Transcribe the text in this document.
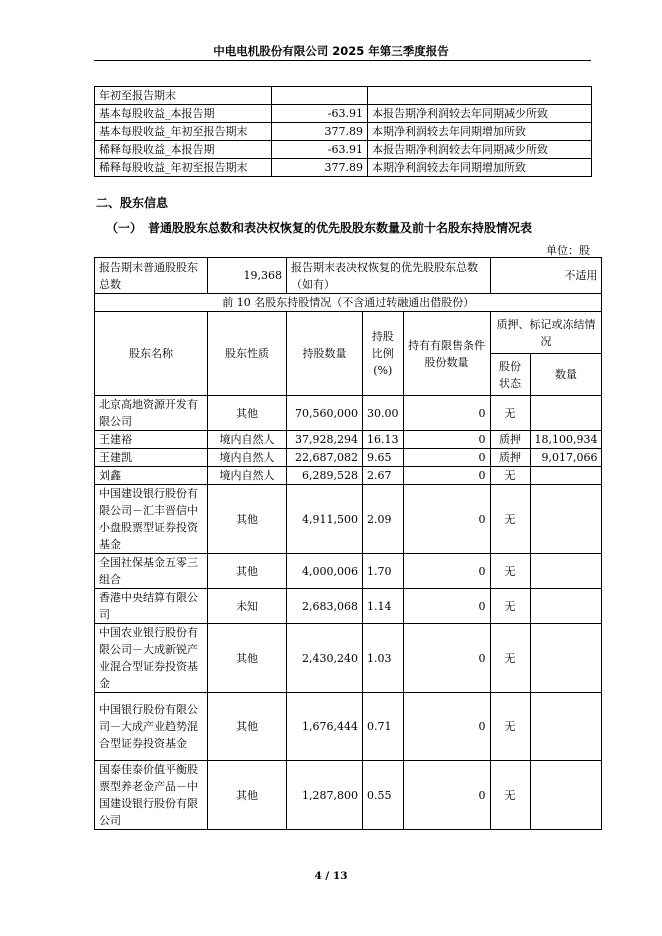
中电电机股份有限公司 2025 年第三季度报告
年初至报告期末		
基本每股收益_本报告期	-63.91	本报告期净利润较去年同期减少所致
基本每股收益_年初至报告期末	377.89	本期净利润较去年同期增加所致
稀释每股收益_本报告期	-63.91	本报告期净利润较去年同期减少所致
稀释每股收益_年初至报告期末	377.89	本期净利润较去年同期增加所致
二、股东信息
（一）　普通股股东总数和表决权恢复的优先股股东数量及前十名股东持股情况表
单位：股
报告期末普通股股东总数	19,368	报告期末表决权恢复的优先股股东总数（如有）			不适用	
前 10 名股东持股情况（不含通过转融通出借股份）						
股东名称	股东性质	持股数量	持股比例(%)	持有有限售条件股份数量	质押、标记或冻结情况	
					股份状态	数量
北京高地资源开发有限公司	其他	70,560,000	30.00	0	无	
王建裕	境内自然人	37,928,294	16.13	0	质押	18,100,934
王建凯	境内自然人	22,687,082	9.65	0	质押	9,017,066
刘鑫	境内自然人	6,289,528	2.67	0	无	
中国建设银行股份有限公司－汇丰晋信中小盘股票型证券投资基金	其他	4,911,500	2.09	0	无	
全国社保基金五零三组合	其他	4,000,006	1.70	0	无	
香港中央结算有限公司	未知	2,683,068	1.14	0	无	
中国农业银行股份有限公司－大成新锐产业混合型证券投资基金	其他	2,430,240	1.03	0	无	
中国银行股份有限公司－大成产业趋势混合型证券投资基金	其他	1,676,444	0.71	0	无	
国泰佳泰价值平衡股票型养老金产品－中国建设银行股份有限公司	其他	1,287,800	0.55	0	无	
4 / 13
